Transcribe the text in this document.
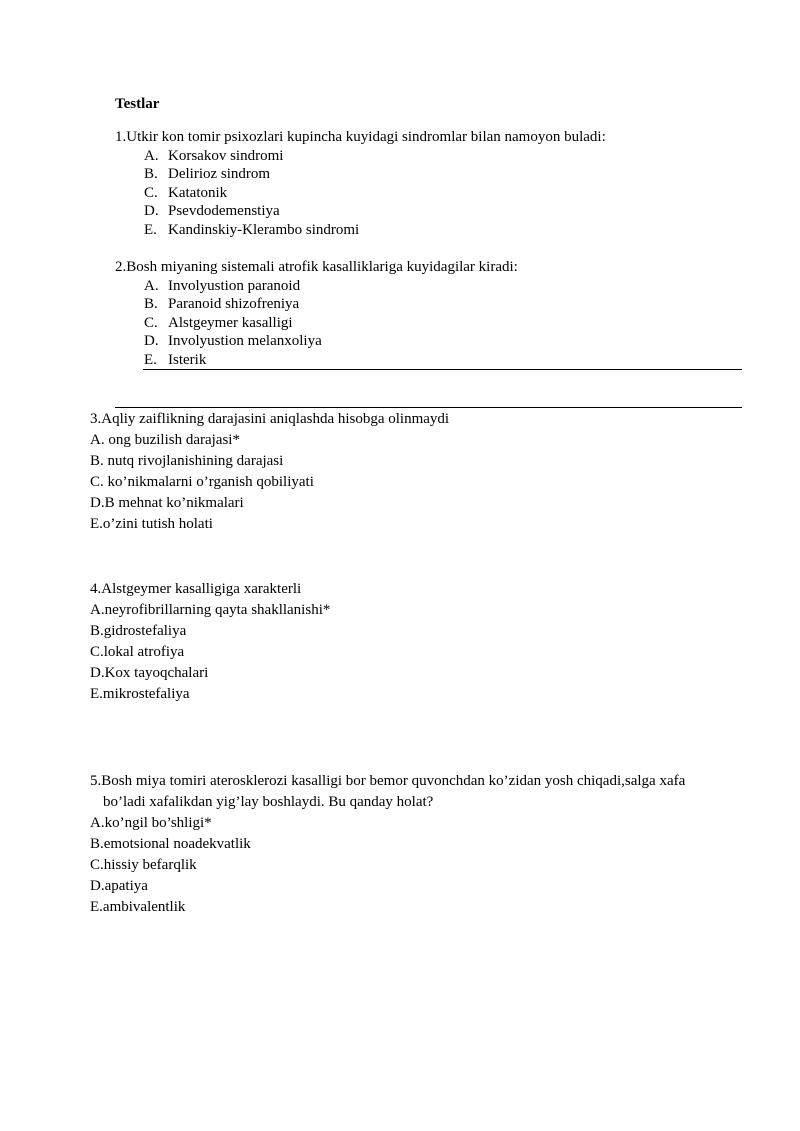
Testlar
1.Utkir kon tomir psixozlari kupincha kuyidagi sindromlar bilan namoyon buladi:
A. Korsakov sindromi
B. Delirioz sindrom
C. Katatonik
D. Psevdodemenstiya
E. Kandinskiy-Klerambo sindromi
2.Bosh miyaning sistemali atrofik kasalliklariga kuyidagilar kiradi:
A. Involyustion paranoid
B. Paranoid shizofreniya
C. Alstgeymer kasalligi
D. Involyustion melanxoliya
E. Isterik
3.Aqliy zaiflikning darajasini aniqlashda hisobga olinmaydi
A. ong buzilish darajasi*
B. nutq rivojlanishining darajasi
C. ko’nikmalarni o’rganish qobiliyati
D.B mehnat ko’nikmalari
E.o’zini tutish holati
4.Alstgeymer kasalligiga xarakterli
A.neyrofibrillarning qayta shakllanishi*
B.gidrostefaliya
C.lokal atrofiya
D.Kox tayoqchalari
E.mikrostefaliya
5.Bosh miya tomiri aterosklerozi kasalligi bor bemor quvonchdan ko’zidan yosh chiqadi,salga xafa
bo’ladi xafalikdan yig’lay boshlaydi. Bu qanday holat?
A.ko’ngil bo’shligi*
B.emotsional noadekvatlik
C.hissiy befarqlik
D.apatiya
E.ambivalentlik
